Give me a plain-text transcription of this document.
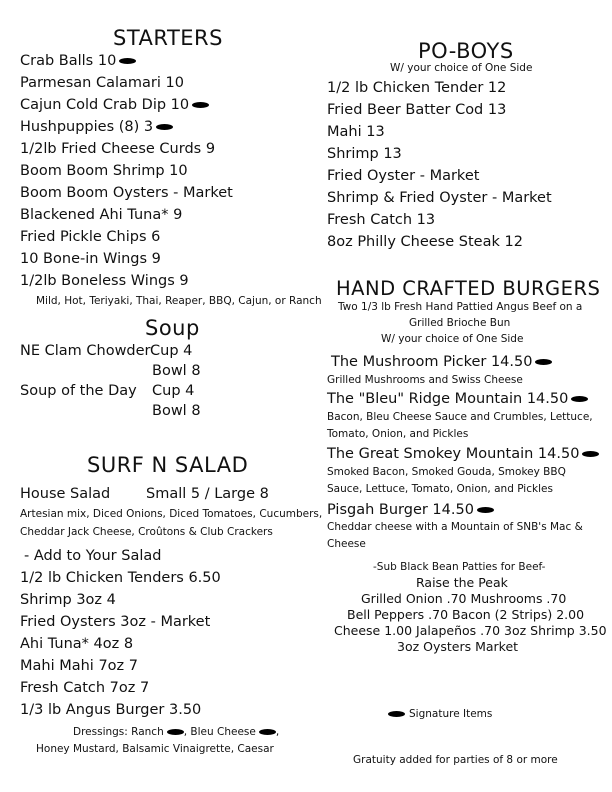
STARTERS
Crab Balls 10
Parmesan Calamari 10
Cajun Cold Crab Dip 10
Hushpuppies (8) 3
1/2lb Fried Cheese Curds 9
Boom Boom Shrimp 10
Boom Boom Oysters - Market
Blackened Ahi Tuna* 9
Fried Pickle Chips 6
10 Bone-in Wings 9
1/2lb Boneless Wings 9
Mild, Hot, Teriyaki, Thai, Reaper, BBQ, Cajun, or Ranch
Soup
NE Clam Chowder Cup 4
Bowl 8
Soup of the Day Cup 4
Bowl 8
SURF N SALAD
House Salad Small 5 / Large 8
Artesian mix, Diced Onions, Diced Tomatoes, Cucumbers,
Cheddar Jack Cheese, Croûtons & Club Crackers
- Add to Your Salad
1/2 lb Chicken Tenders 6.50
Shrimp 3oz 4
Fried Oysters 3oz - Market
Ahi Tuna* 4oz 8
Mahi Mahi 7oz 7
Fresh Catch 7oz 7
1/3 lb Angus Burger 3.50
Dressings: Ranch , Bleu Cheese ,
Honey Mustard, Balsamic Vinaigrette, Caesar
PO-BOYS
W/ your choice of One Side
1/2 lb Chicken Tender 12
Fried Beer Batter Cod 13
Mahi 13
Shrimp 13
Fried Oyster - Market
Shrimp & Fried Oyster - Market
Fresh Catch 13
8oz Philly Cheese Steak 12
HAND CRAFTED BURGERS
Two 1/3 lb Fresh Hand Pattied Angus Beef on a
Grilled Brioche Bun
W/ your choice of One Side
The Mushroom Picker 14.50
Grilled Mushrooms and Swiss Cheese
The "Bleu" Ridge Mountain 14.50
Bacon, Bleu Cheese Sauce and Crumbles, Lettuce,
Tomato, Onion, and Pickles
The Great Smokey Mountain 14.50
Smoked Bacon, Smoked Gouda, Smokey BBQ
Sauce, Lettuce, Tomato, Onion, and Pickles
Pisgah Burger 14.50
Cheddar cheese with a Mountain of SNB's Mac &
Cheese
-Sub Black Bean Patties for Beef-
Raise the Peak
Grilled Onion .70 Mushrooms .70
Bell Peppers .70 Bacon (2 Strips) 2.00
Cheese 1.00 Jalapeños .70 3oz Shrimp 3.50
3oz Oysters Market
Signature Items
Gratuity added for parties of 8 or more
